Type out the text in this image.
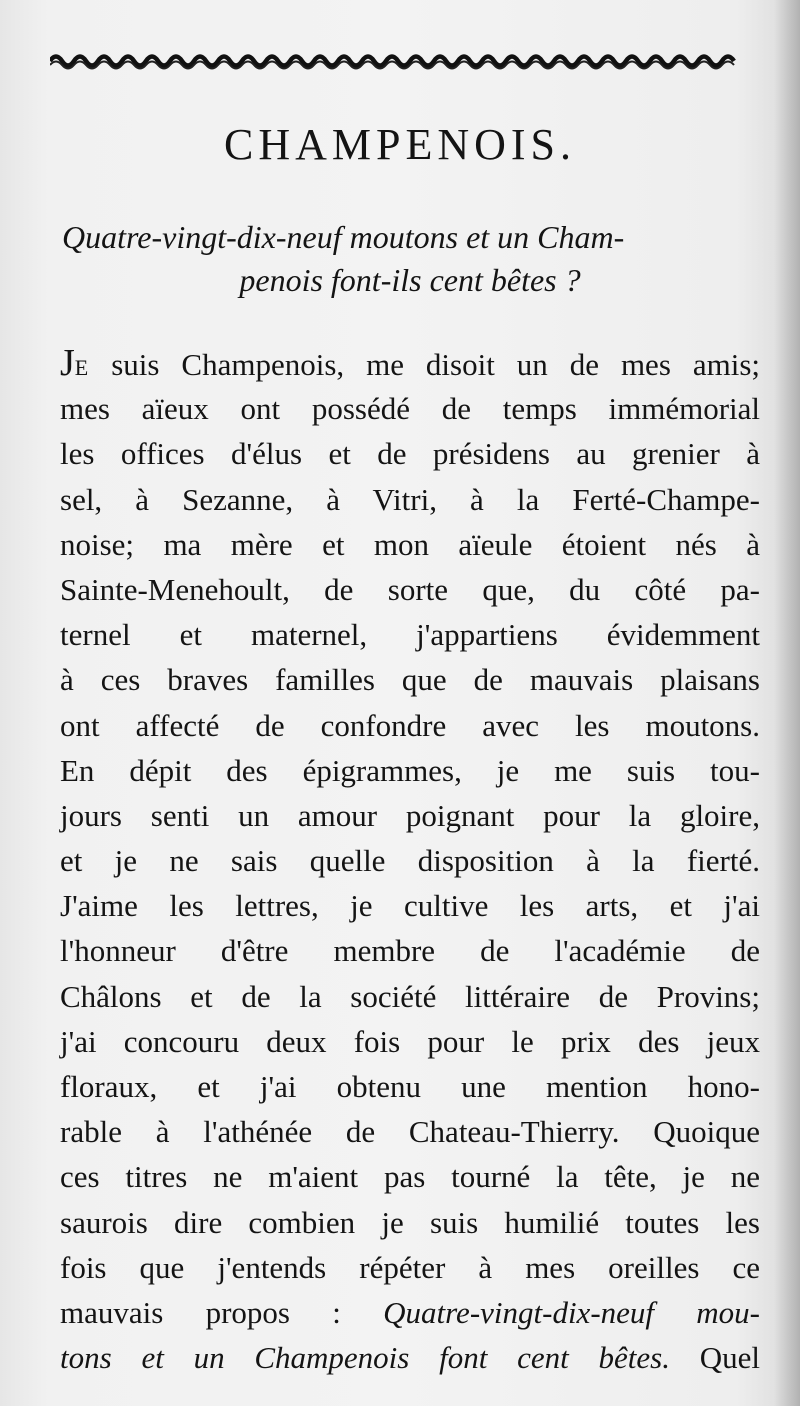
CHAMPENOIS.
Quatre-vingt-dix-neuf moutons et un Cham-
penois font-ils cent bêtes ?
JE suis Champenois, me disoit un de mes amis;
mes aïeux ont possédé de temps immémorial
les offices d'élus et de présidens au grenier à
sel, à Sezanne, à Vitri, à la Ferté-Champe-
noise; ma mère et mon aïeule étoient nés à
Sainte-Menehoult, de sorte que, du côté pa-
ternel et maternel, j'appartiens évidemment
à ces braves familles que de mauvais plaisans
ont affecté de confondre avec les moutons.
En dépit des épigrammes, je me suis tou-
jours senti un amour poignant pour la gloire,
et je ne sais quelle disposition à la fierté.
J'aime les lettres, je cultive les arts, et j'ai
l'honneur d'être membre de l'académie de
Châlons et de la société littéraire de Provins;
j'ai concouru deux fois pour le prix des jeux
floraux, et j'ai obtenu une mention hono-
rable à l'athénée de Chateau-Thierry. Quoique
ces titres ne m'aient pas tourné la tête, je ne
saurois dire combien je suis humilié toutes les
fois que j'entends répéter à mes oreilles ce
mauvais propos : Quatre-vingt-dix-neuf mou-
tons et un Champenois font cent bêtes. Quel
